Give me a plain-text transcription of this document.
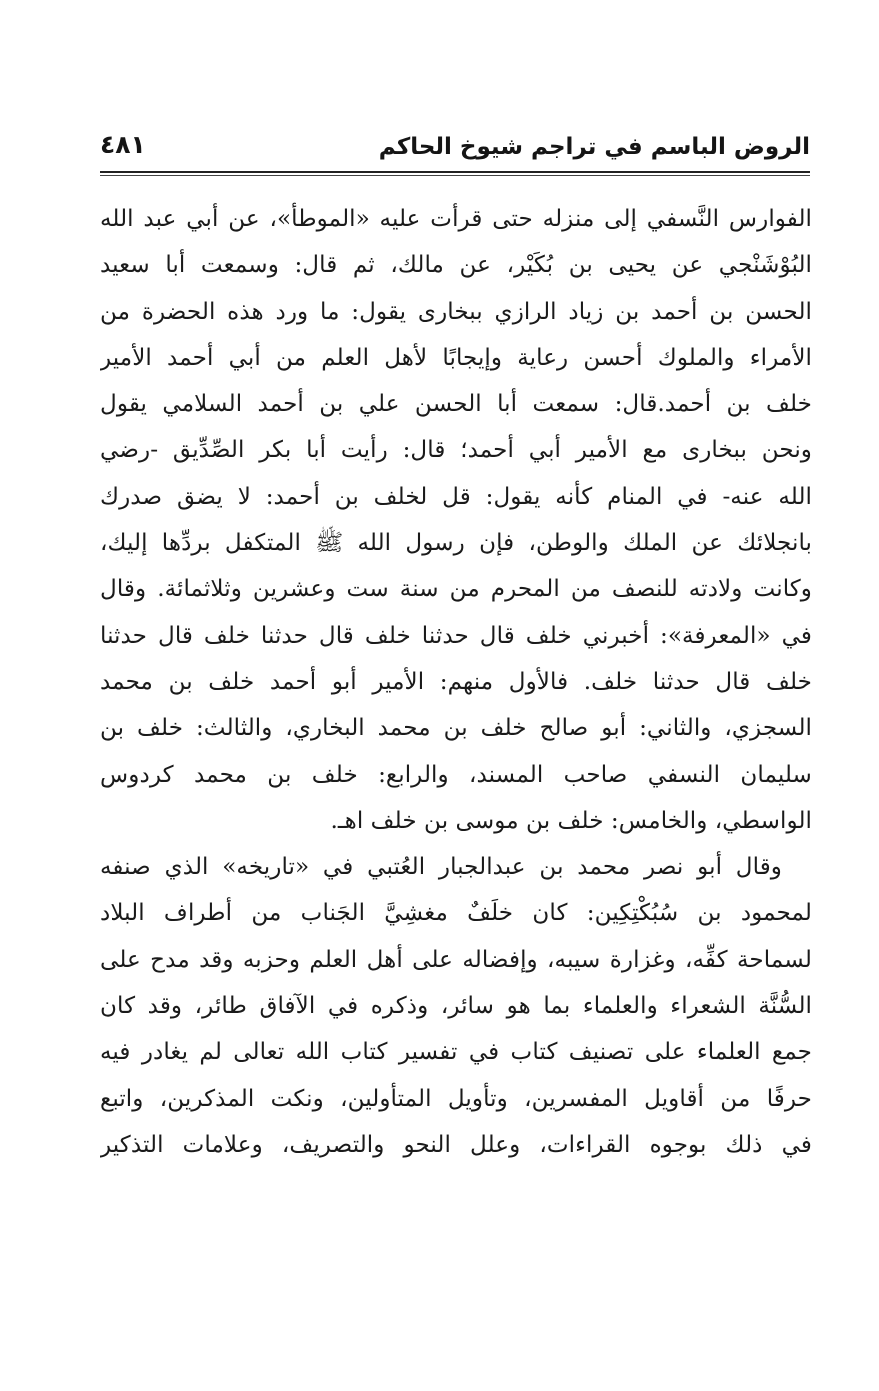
الروض الباسم في تراجم شيوخ الحاكم
٤٨١
الفوارس النَّسفي إلى منزله حتى قرأت عليه «الموطأ»، عن أبي عبد الله
البُوْشَنْجي عن يحيى بن بُكَيْر، عن مالك، ثم قال: وسمعت أبا سعيد
الحسن بن أحمد بن زياد الرازي ببخارى يقول: ما ورد هذه الحضرة من
الأمراء والملوك أحسن رعاية وإيجابًا لأهل العلم من أبي أحمد الأمير
خلف بن أحمد.قال: سمعت أبا الحسن علي بن أحمد السلامي يقول
ونحن ببخارى مع الأمير أبي أحمد؛ قال: رأيت أبا بكر الصِّدِّيق -رضي
الله عنه- في المنام كأنه يقول: قل لخلف بن أحمد: لا يضق صدرك
بانجلائك عن الملك والوطن، فإن رسول الله ﷺ المتكفل بردِّها إليك،
وكانت ولادته للنصف من المحرم من سنة ست وعشرين وثلاثمائة. وقال
في «المعرفة»: أخبرني خلف قال حدثنا خلف قال حدثنا خلف قال حدثنا
خلف قال حدثنا خلف. فالأول منهم: الأمير أبو أحمد خلف بن محمد
السجزي، والثاني: أبو صالح خلف بن محمد البخاري، والثالث: خلف بن
سليمان النسفي صاحب المسند، والرابع: خلف بن محمد كردوس
الواسطي، والخامس: خلف بن موسى بن خلف اهـ.
وقال أبو نصر محمد بن عبدالجبار العُتبي في «تاريخه» الذي صنفه
لمحمود بن سُبُكْتِكِين: كان خلَفٌ مغشِيَّ الجَناب من أطراف البلاد
لسماحة كفِّه، وغزارة سيبه، وإفضاله على أهل العلم وحزبه وقد مدح على
السُّنَّة الشعراء والعلماء بما هو سائر، وذكره في الآفاق طائر، وقد كان
جمع العلماء على تصنيف كتاب في تفسير كتاب الله تعالى لم يغادر فيه
حرفًا من أقاويل المفسرين، وتأويل المتأولين، ونكت المذكرين، واتبع
في ذلك بوجوه القراءات، وعلل النحو والتصريف، وعلامات التذكير
